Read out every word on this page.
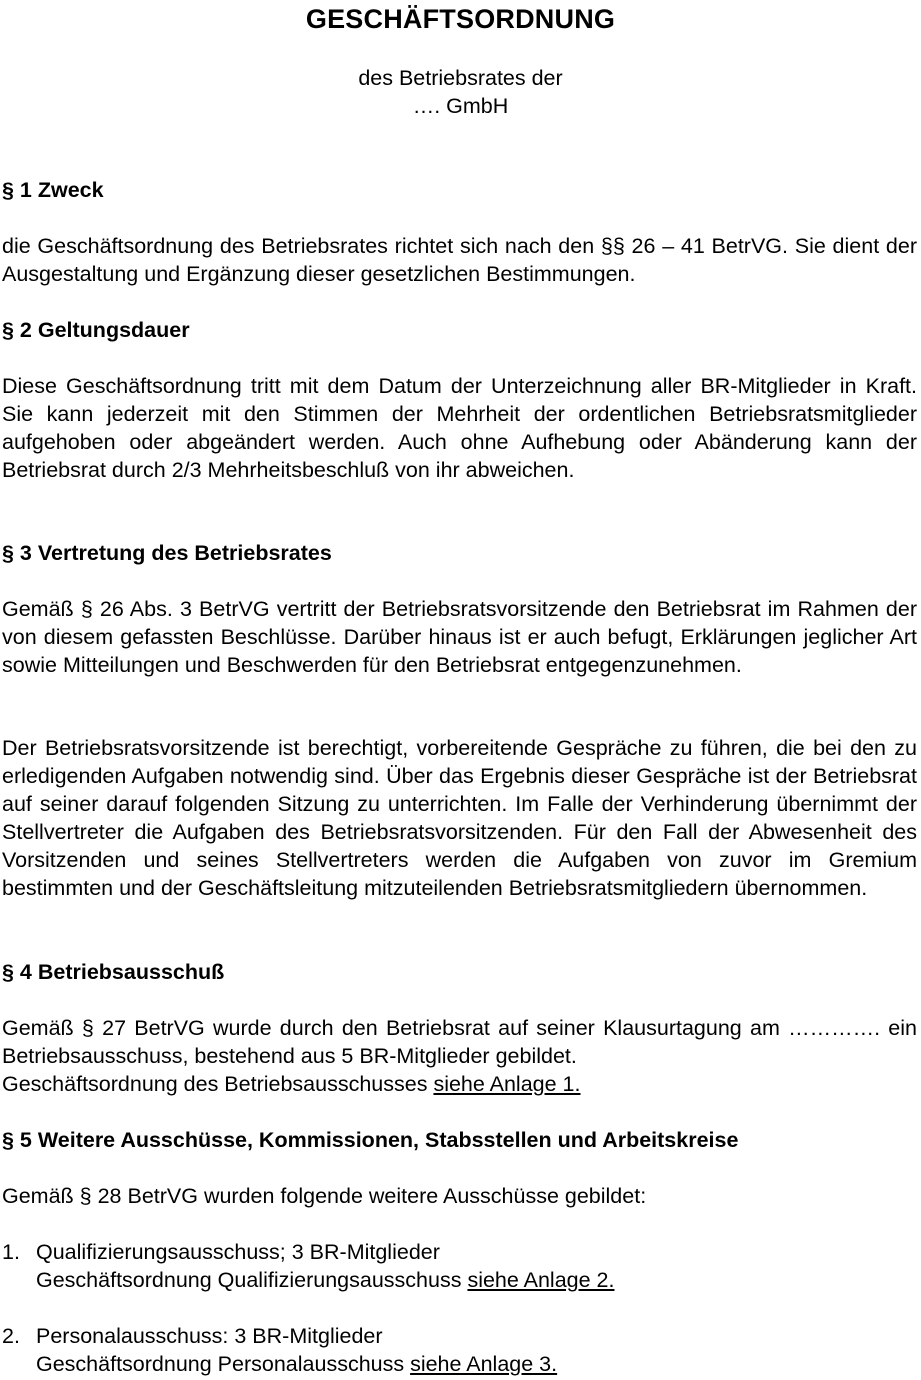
GESCHÄFTSORDNUNG
des Betriebsrates der
…. GmbH
§ 1 Zweck
die Geschäftsordnung des Betriebsrates richtet sich nach den §§ 26 – 41 BetrVG. Sie dient der Ausgestaltung und Ergänzung dieser gesetzlichen Bestimmungen.
§ 2 Geltungsdauer
Diese Geschäftsordnung tritt mit dem Datum der Unterzeichnung aller BR-Mitglieder in Kraft. Sie kann jederzeit mit den Stimmen der Mehrheit der ordentlichen Betriebsratsmitglieder aufgehoben oder abgeändert werden. Auch ohne Aufhebung oder Abänderung kann der Betriebsrat durch 2/3 Mehrheitsbeschluß von ihr abweichen.
§ 3 Vertretung des Betriebsrates
Gemäß § 26 Abs. 3 BetrVG vertritt der Betriebsratsvorsitzende den Betriebsrat im Rahmen der von diesem gefassten Beschlüsse. Darüber hinaus ist er auch befugt, Erklärungen jeglicher Art sowie Mitteilungen und Beschwerden für den Betriebsrat entgegenzunehmen.
Der Betriebsratsvorsitzende ist berechtigt, vorbereitende Gespräche zu führen, die bei den zu erledigenden Aufgaben notwendig sind. Über das Ergebnis dieser Gespräche ist der Betriebsrat auf seiner darauf folgenden Sitzung zu unterrichten. Im Falle der Verhinderung übernimmt der Stellvertreter die Aufgaben des Betriebsratsvorsitzenden. Für den Fall der Abwesenheit des Vorsitzenden und seines Stellvertreters werden die Aufgaben von zuvor im Gremium bestimmten und der Geschäftsleitung mitzuteilenden Betriebsratsmitgliedern übernommen.
§ 4 Betriebsausschuß
Gemäß § 27 BetrVG wurde durch den Betriebsrat auf seiner Klausurtagung am …………. ein Betriebsausschuss, bestehend aus 5 BR-Mitglieder gebildet.
Geschäftsordnung des Betriebsausschusses siehe Anlage 1.
§ 5 Weitere Ausschüsse, Kommissionen, Stabsstellen und Arbeitskreise
Gemäß § 28 BetrVG wurden folgende weitere Ausschüsse gebildet:
1. Qualifizierungsausschuss; 3 BR-Mitglieder
Geschäftsordnung Qualifizierungsausschuss siehe Anlage 2.
2. Personalausschuss: 3 BR-Mitglieder
Geschäftsordnung Personalausschuss siehe Anlage 3.
